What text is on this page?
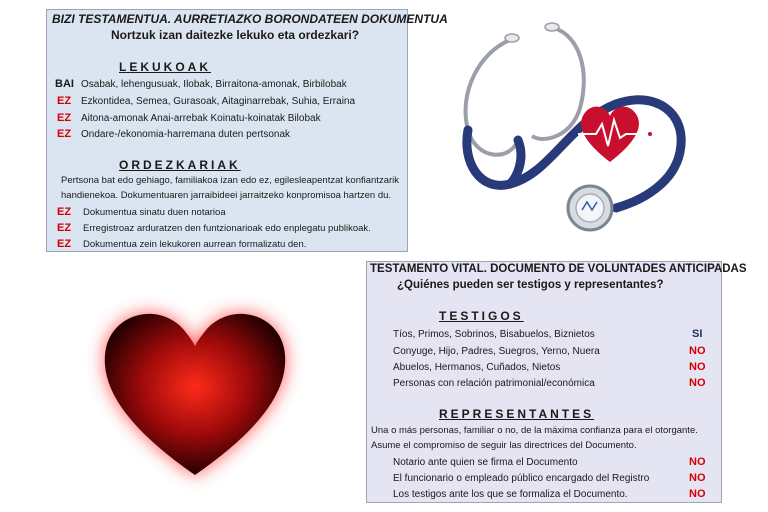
BIZI TESTAMENTUA. AURRETIAZKO BORONDATEEN DOKUMENTUA
Nortzuk izan daitezke lekuko eta ordezkari?
LEKUKOAK
BAI Osabak, lehengusuak, Ilobak, Birraitona-amonak, Birbilobak
EZ Ezkontidea, Semea, Gurasoak, Aitaginarrebak, Suhia, Erraina
EZ Aitona-amonak Anai-arrebak Koinatu-koinatak Bilobak
EZ Ondare-/ekonomia-harremana duten pertsonak
ORDEZKARIAK
Pertsona bat edo gehiago, familiakoa izan edo ez, egilesleарentzat konfiantzarik
handienekoa. Dokumentuaren jarraibideei jarraitzeko konpromisoa hartzen du.
EZ Dokumentua sinatu duen notarioa
EZ Erregistroaz arduratzen den funtzionarioak edo enplegatu publikoak.
EZ Dokumentua zein lekukoren aurrean formalizatu den.
TESTAMENTO VITAL. DOCUMENTO DE VOLUNTADES ANTICIPADAS
¿Quiénes pueden ser testigos y representantes?
TESTIGOS
Tíos, Primos, Sobrinos, Bisabuelos, Biznietos	SI
Conyuge, Hijo, Padres, Suegros, Yerno, Nuera	NO
Abuelos, Hermanos, Cuñados, Nietos	NO
Personas con relación patrimonial/económica	NO
REPRESENTANTES
Una o más personas, familiar o no, de la máxima confianza para el otorgante.
Asume el compromiso de seguir las directrices del Documento.
Notario ante quien se firma el Documento	NO
El funcionario o empleado público encargado del Registro	NO
Los testigos ante los que se formaliza el Documento.	NO
